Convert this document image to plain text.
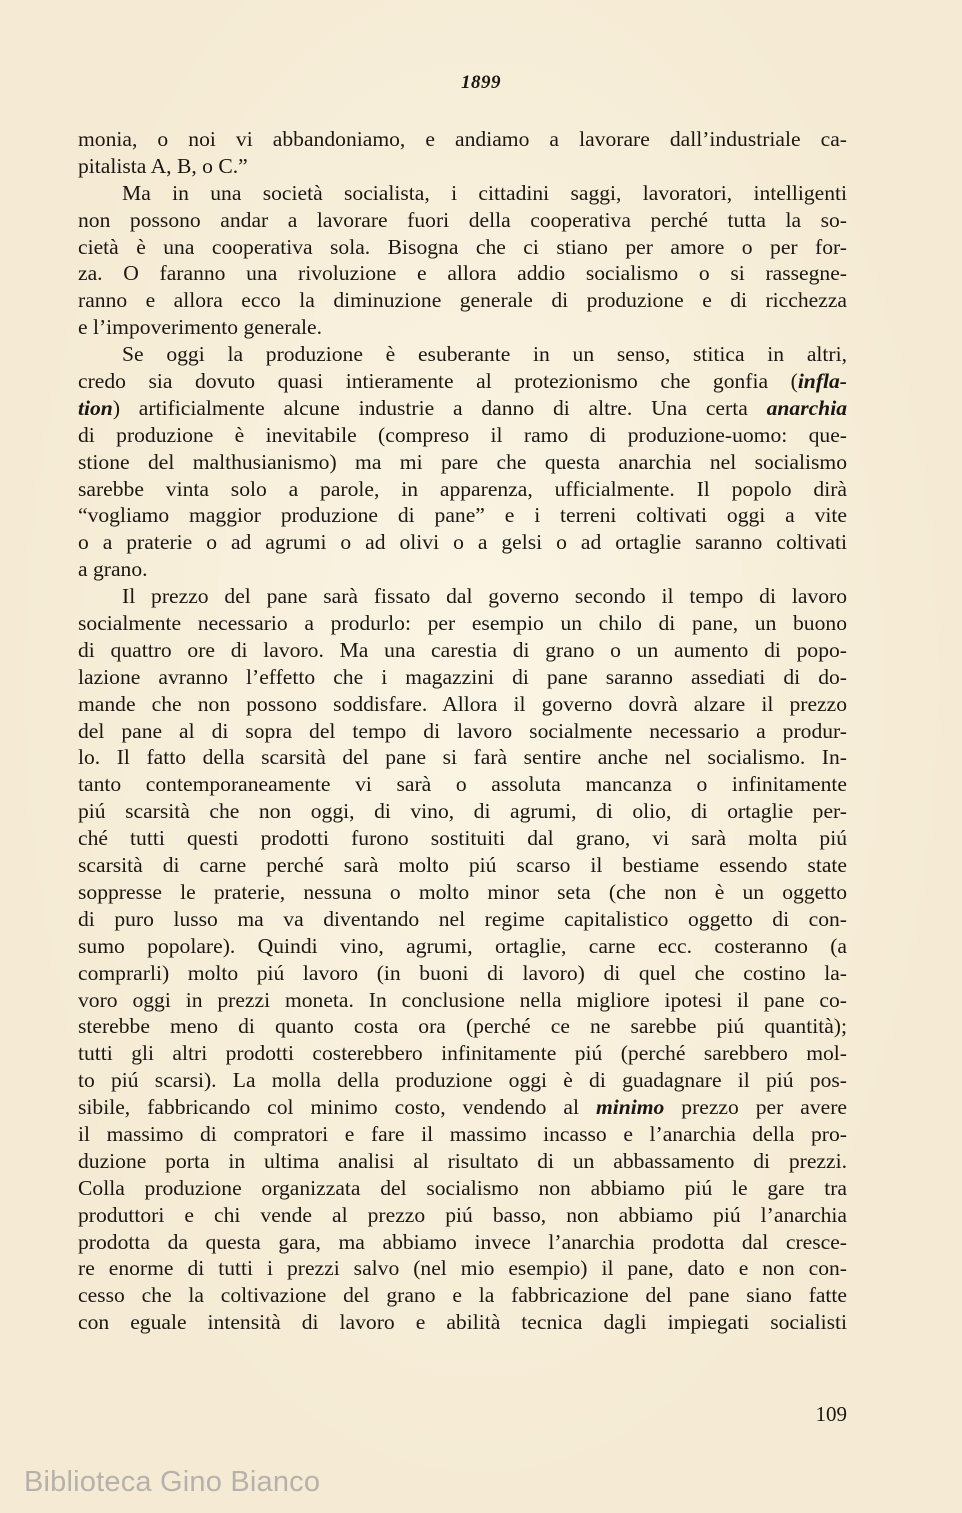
1899
monia, o noi vi abbandoniamo, e andiamo a lavorare dall’industriale ca-
pitalista A, B, o C.”
Ma in una società socialista, i cittadini saggi, lavoratori, intelligenti
non possono andar a lavorare fuori della cooperativa perché tutta la so-
cietà è una cooperativa sola. Bisogna che ci stiano per amore o per for-
za. O faranno una rivoluzione e allora addio socialismo o si rassegne-
ranno e allora ecco la diminuzione generale di produzione e di ricchezza
e l’impoverimento generale.
Se oggi la produzione è esuberante in un senso, stitica in altri,
credo sia dovuto quasi intieramente al protezionismo che gonfia (infla-
tion) artificialmente alcune industrie a danno di altre. Una certa anarchia
di produzione è inevitabile (compreso il ramo di produzione-uomo: que-
stione del malthusianismo) ma mi pare che questa anarchia nel socialismo
sarebbe vinta solo a parole, in apparenza, ufficialmente. Il popolo dirà
“vogliamo maggior produzione di pane” e i terreni coltivati oggi a vite
o a praterie o ad agrumi o ad olivi o a gelsi o ad ortaglie saranno coltivati
a grano.
Il prezzo del pane sarà fissato dal governo secondo il tempo di lavoro
socialmente necessario a produrlo: per esempio un chilo di pane, un buono
di quattro ore di lavoro. Ma una carestia di grano o un aumento di popo-
lazione avranno l’effetto che i magazzini di pane saranno assediati di do-
mande che non possono soddisfare. Allora il governo dovrà alzare il prezzo
del pane al di sopra del tempo di lavoro socialmente necessario a produr-
lo. Il fatto della scarsità del pane si farà sentire anche nel socialismo. In-
tanto contemporaneamente vi sarà o assoluta mancanza o infinitamente
piú scarsità che non oggi, di vino, di agrumi, di olio, di ortaglie per-
ché tutti questi prodotti furono sostituiti dal grano, vi sarà molta piú
scarsità di carne perché sarà molto piú scarso il bestiame essendo state
soppresse le praterie, nessuna o molto minor seta (che non è un oggetto
di puro lusso ma va diventando nel regime capitalistico oggetto di con-
sumo popolare). Quindi vino, agrumi, ortaglie, carne ecc. costeranno (a
comprarli) molto piú lavoro (in buoni di lavoro) di quel che costino la-
voro oggi in prezzi moneta. In conclusione nella migliore ipotesi il pane co-
sterebbe meno di quanto costa ora (perché ce ne sarebbe piú quantità);
tutti gli altri prodotti costerebbero infinitamente piú (perché sarebbero mol-
to piú scarsi). La molla della produzione oggi è di guadagnare il piú pos-
sibile, fabbricando col minimo costo, vendendo al minimo prezzo per avere
il massimo di compratori e fare il massimo incasso e l’anarchia della pro-
duzione porta in ultima analisi al risultato di un abbassamento di prezzi.
Colla produzione organizzata del socialismo non abbiamo piú le gare tra
produttori e chi vende al prezzo piú basso, non abbiamo piú l’anarchia
prodotta da questa gara, ma abbiamo invece l’anarchia prodotta dal cresce-
re enorme di tutti i prezzi salvo (nel mio esempio) il pane, dato e non con-
cesso che la coltivazione del grano e la fabbricazione del pane siano fatte
con eguale intensità di lavoro e abilità tecnica dagli impiegati socialisti
109
Biblioteca Gino Bianco
